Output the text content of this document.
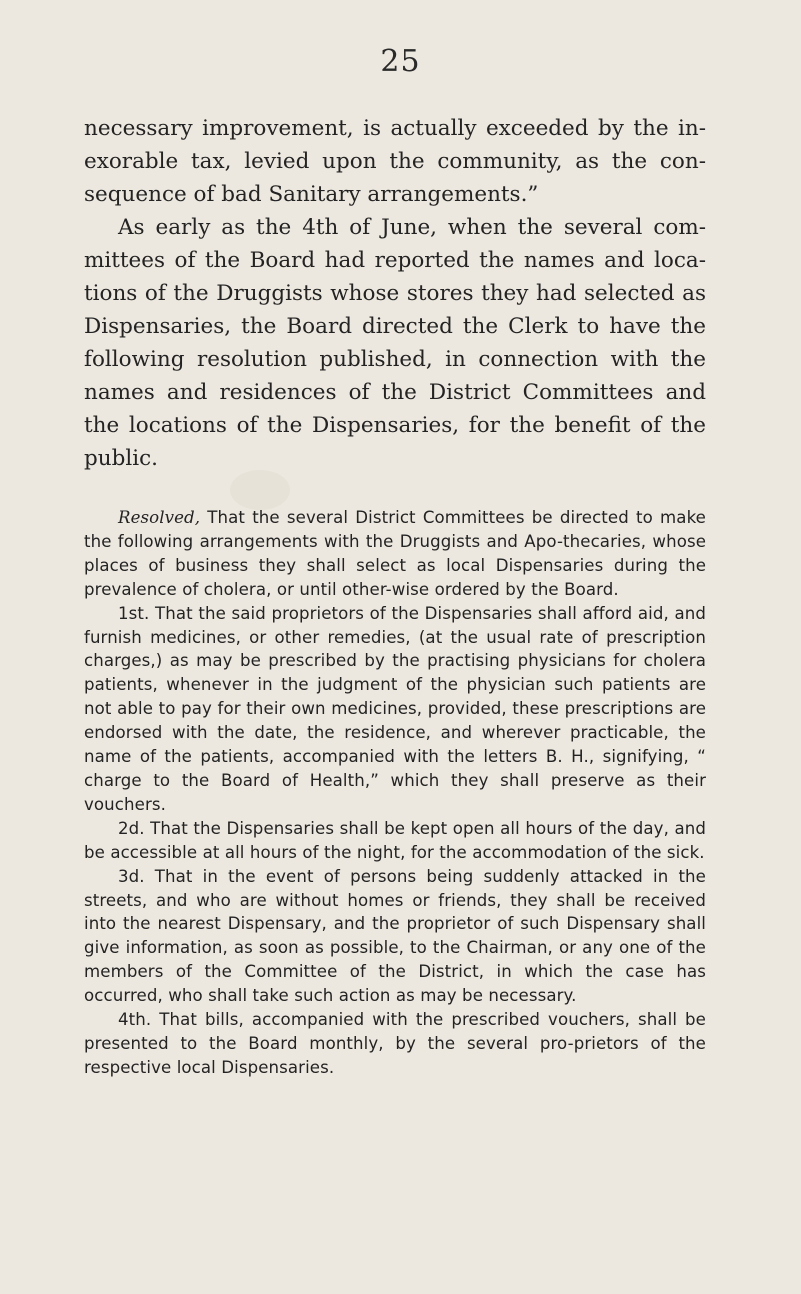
25

necessary improvement, is actually exceeded by the in-exorable tax, levied upon the community, as the con-sequence of bad Sanitary arrangements.”

As early as the 4th of June, when the several com-mittees of the Board had reported the names and loca-tions of the Druggists whose stores they had selected as Dispensaries, the Board directed the Clerk to have the following resolution published, in connection with the names and residences of the District Committees and the locations of the Dispensaries, for the benefit of the public.

Resolved, That the several District Committees be directed to make the following arrangements with the Druggists and Apo-thecaries, whose places of business they shall select as local Dispensaries during the prevalence of cholera, or until other-wise ordered by the Board.

1st. That the said proprietors of the Dispensaries shall afford aid, and furnish medicines, or other remedies, (at the usual rate of prescription charges,) as may be prescribed by the practising physicians for cholera patients, whenever in the judgment of the physician such patients are not able to pay for their own medicines, provided, these prescriptions are endorsed with the date, the residence, and wherever practicable, the name of the patients, accompanied with the letters B. H., signifying, “ charge to the Board of Health,” which they shall preserve as their vouchers.

2d. That the Dispensaries shall be kept open all hours of the day, and be accessible at all hours of the night, for the accommodation of the sick.

3d. That in the event of persons being suddenly attacked in the streets, and who are without homes or friends, they shall be received into the nearest Dispensary, and the proprietor of such Dispensary shall give information, as soon as possible, to the Chairman, or any one of the members of the Committee of the District, in which the case has occurred, who shall take such action as may be necessary.

4th. That bills, accompanied with the prescribed vouchers, shall be presented to the Board monthly, by the several pro-prietors of the respective local Dispensaries.
